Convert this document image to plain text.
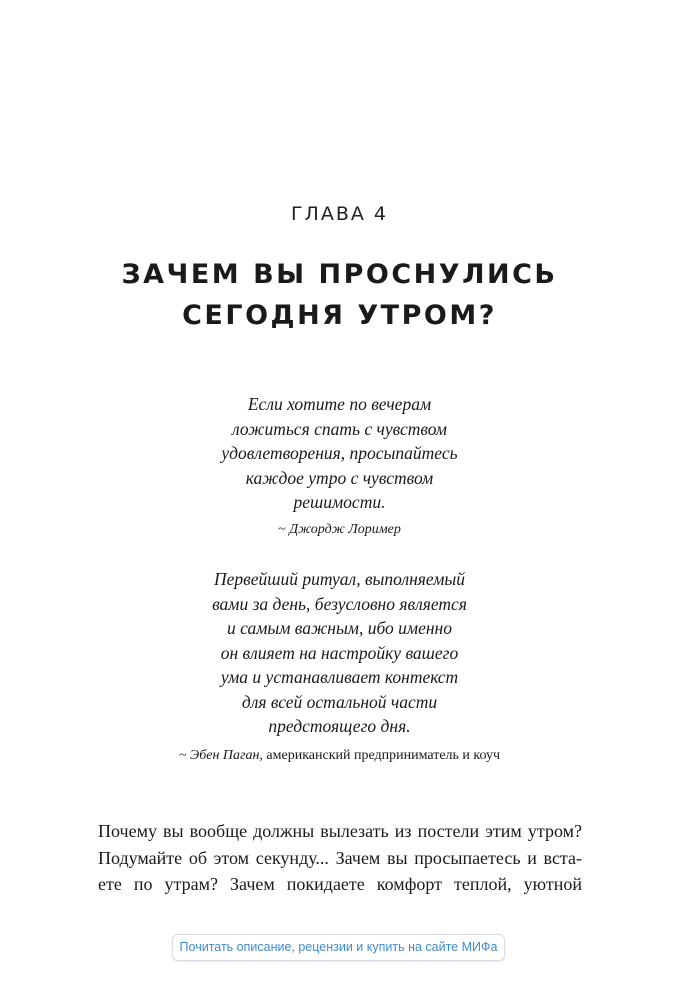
ГЛАВА 4
ЗАЧЕМ ВЫ ПРОСНУЛИСЬ
СЕГОДНЯ УТРОМ?
Если хотите по вечерам
ложиться спать с чувством
удовлетворения, просыпайтесь
каждое утро с чувством
решимости.
~ Джордж Лоример
Первейший ритуал, выполняемый
вами за день, безусловно является
и самым важным, ибо именно
он влияет на настройку вашего
ума и устанавливает контекст
для всей остальной части
предстоящего дня.
~ Эбен Паган, американский предприниматель и коуч
Почему вы вообще должны вылезать из постели этим утром?
Подумайте об этом секунду... Зачем вы просыпаетесь и вста-
ете по утрам? Зачем покидаете комфорт теплой, уютной
Почитать описание, рецензии и купить на сайте МИФа
